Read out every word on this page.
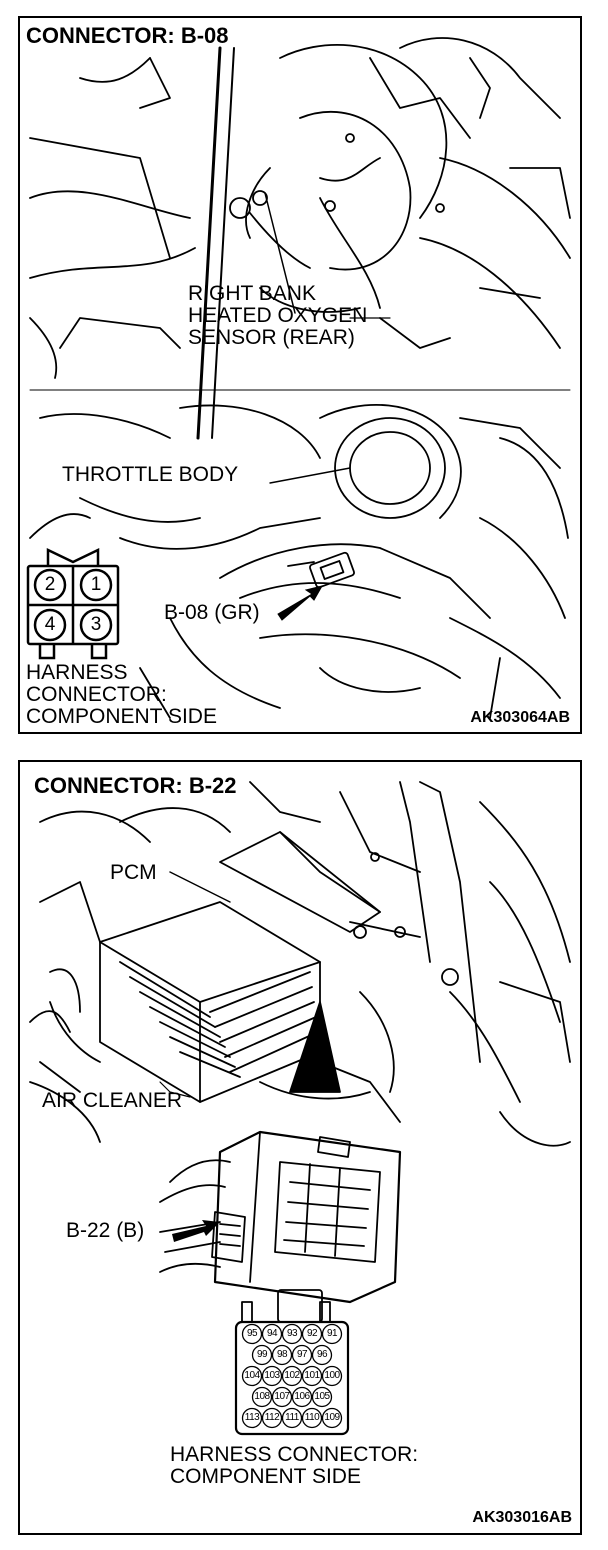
CONNECTOR: B-08
RIGHT BANK
HEATED OXYGEN
SENSOR (REAR)
THROTTLE BODY
B-08 (GR)
2	1
4	3
HARNESS
CONNECTOR:
COMPONENT SIDE	AK303064AB
CONNECTOR: B-22
PCM
AIR CLEANER
B-22 (B)
95 94 93 92 91
99 98 97 96
104 103 102 101 100
108 107 106 105
113 112 111 110 109
HARNESS CONNECTOR:
COMPONENT SIDE
AK303016AB
